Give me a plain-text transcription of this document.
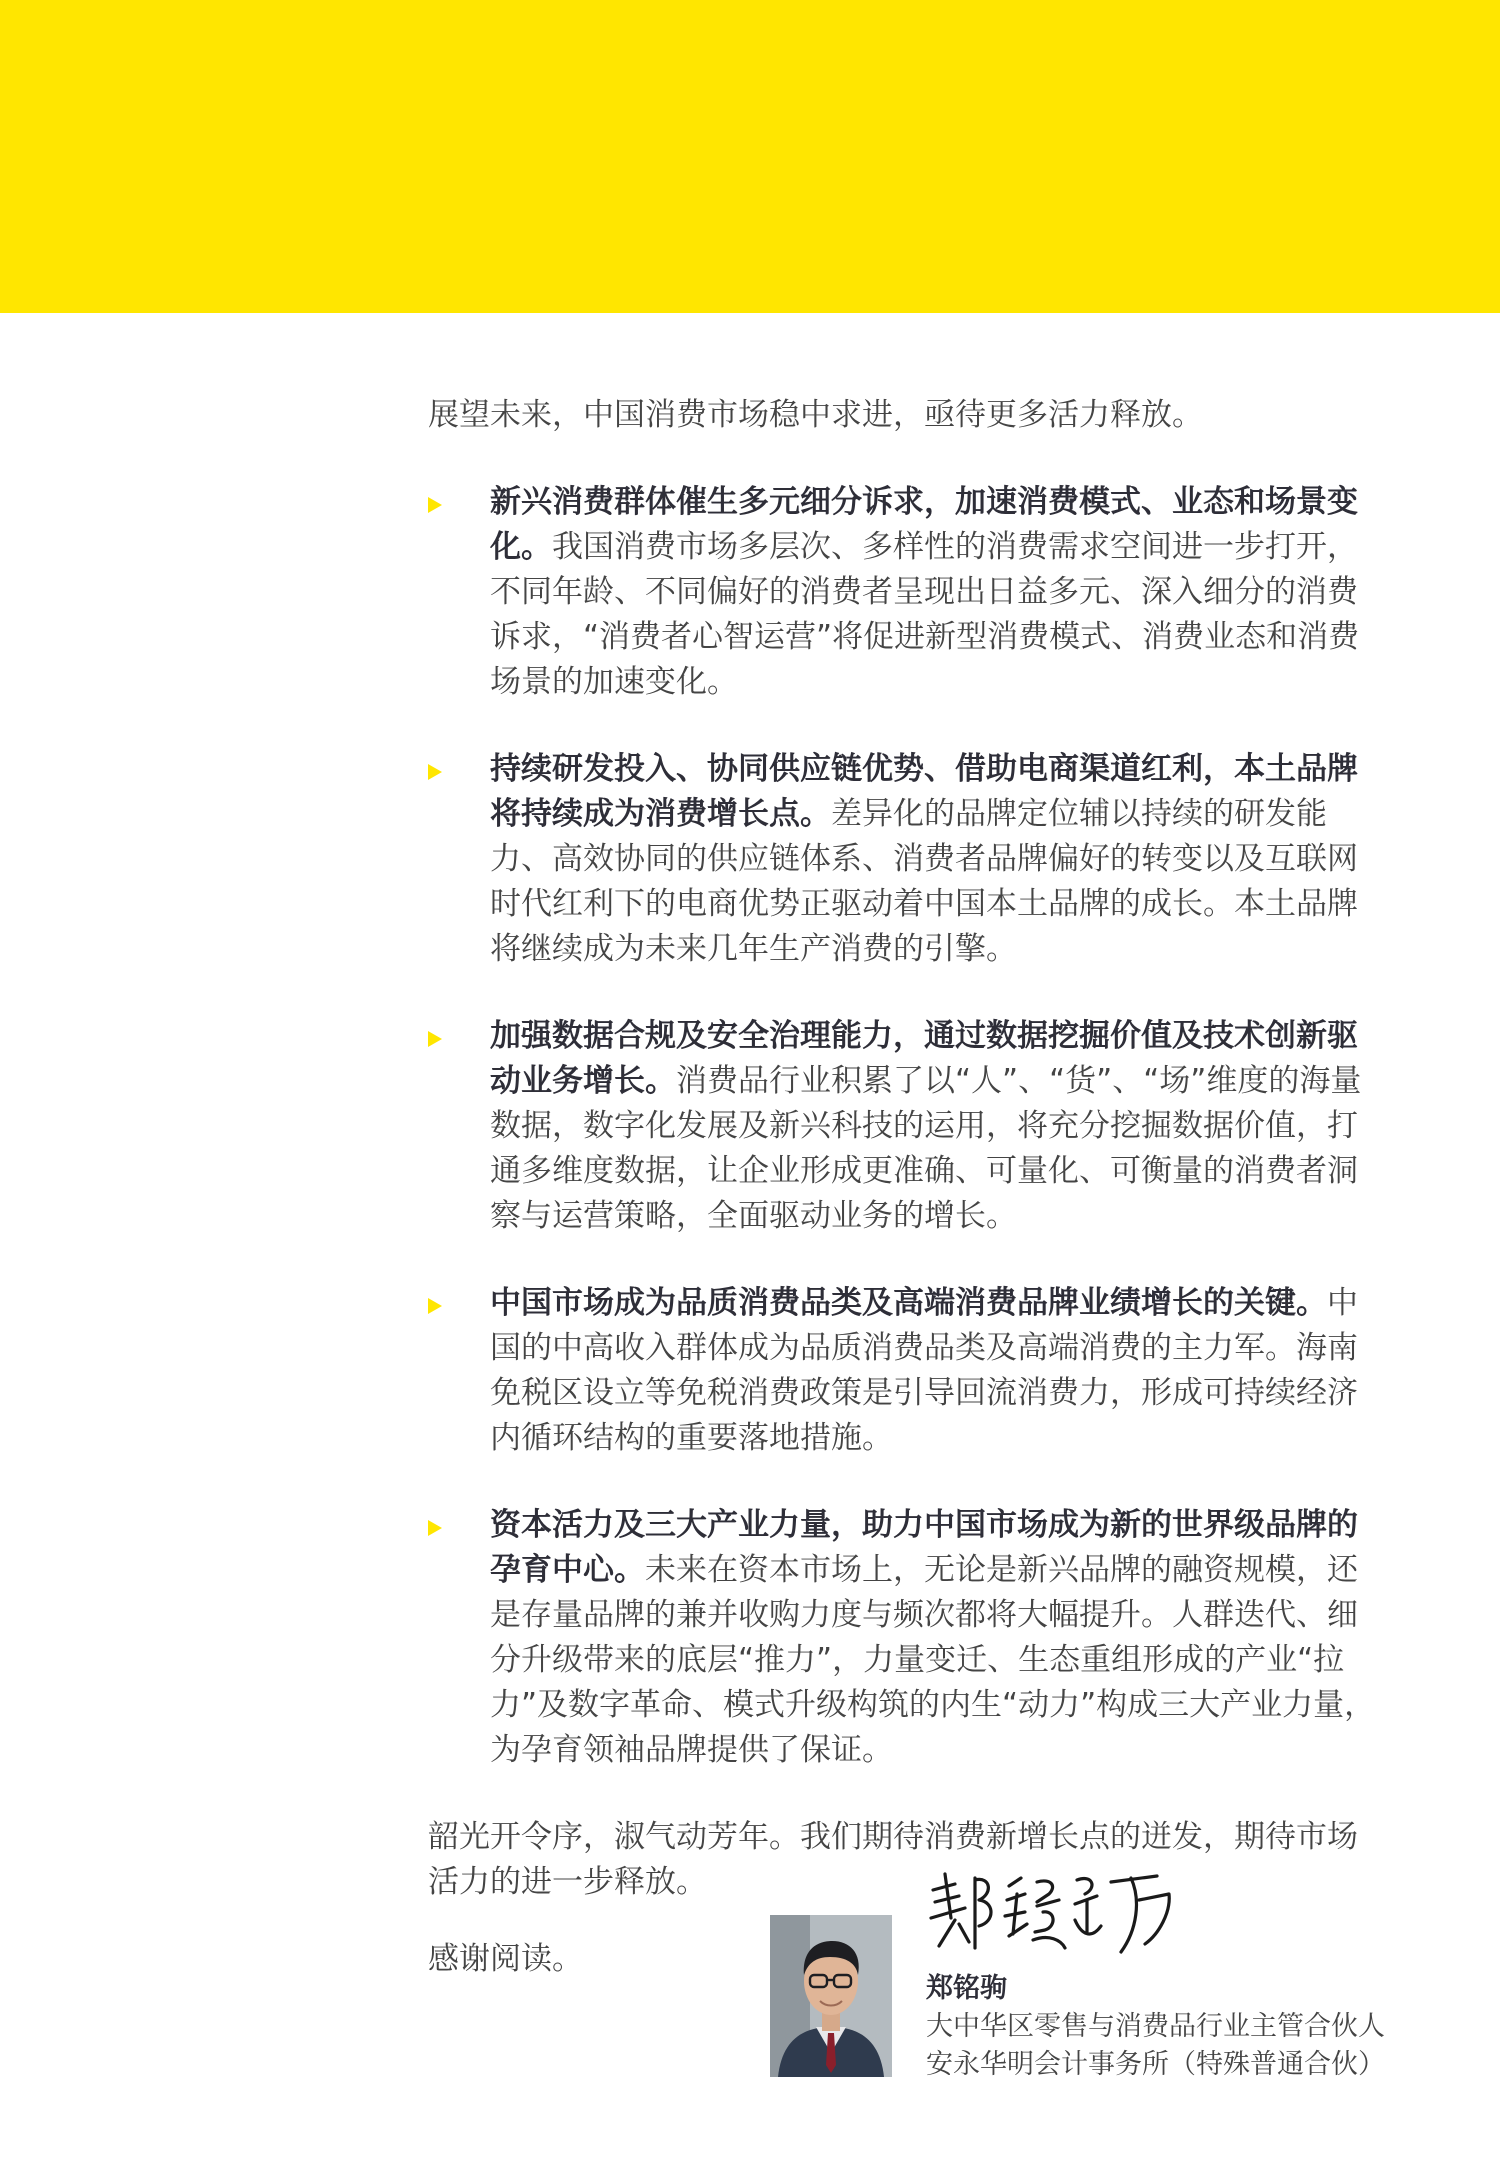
展望未来，中国消费市场稳中求进，亟待更多活力释放。

新兴消费群体催生多元细分诉求，加速消费模式、业态和场景变化。我国消费市场多层次、多样性的消费需求空间进一步打开，不同年龄、不同偏好的消费者呈现出日益多元、深入细分的消费诉求，“消费者心智运营”将促进新型消费模式、消费业态和消费场景的加速变化。
持续研发投入、协同供应链优势、借助电商渠道红利，本土品牌将持续成为消费增长点。差异化的品牌定位辅以持续的研发能力、高效协同的供应链体系、消费者品牌偏好的转变以及互联网时代红利下的电商优势正驱动着中国本土品牌的成长。本土品牌将继续成为未来几年生产消费的引擎。
加强数据合规及安全治理能力，通过数据挖掘价值及技术创新驱动业务增长。消费品行业积累了以“人”、“货”、“场”维度的海量数据，数字化发展及新兴科技的运用，将充分挖掘数据价值，打通多维度数据，让企业形成更准确、可量化、可衡量的消费者洞察与运营策略，全面驱动业务的增长。
中国市场成为品质消费品类及高端消费品牌业绩增长的关键。中国的中高收入群体成为品质消费品类及高端消费的主力军。海南免税区设立等免税消费政策是引导回流消费力，形成可持续经济内循环结构的重要落地措施。
资本活力及三大产业力量，助力中国市场成为新的世界级品牌的孕育中心。未来在资本市场上，无论是新兴品牌的融资规模，还是存量品牌的兼并收购力度与频次都将大幅提升。人群迭代、细分升级带来的底层“推力”，力量变迁、生态重组形成的产业“拉力”及数字革命、模式升级构筑的内生“动力”构成三大产业力量，为孕育领袖品牌提供了保证。

韶光开令序，淑气动芳年。我们期待消费新增长点的迸发，期待市场活力的进一步释放。

感谢阅读。

郑铭驹
大中华区零售与消费品行业主管合伙人
安永华明会计事务所（特殊普通合伙）
